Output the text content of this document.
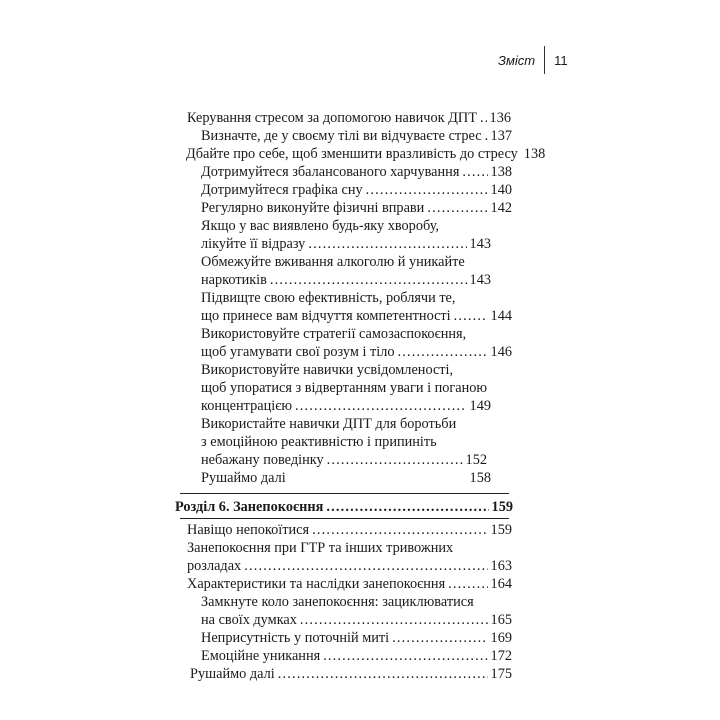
Зміст	11
Керування стресом за допомогою навичок ДПТ . . . 136
Визначте, де у своєму тілі ви відчуваєте стрес . . . 137
Дбайте про себе, щоб зменшити вразливість до стресу 138
Дотримуйтеся збалансованого харчування . . . 138
Дотримуйтеся графіка сну . . .	140
Регулярно виконуйте фізичні вправи . . .	142
Якщо у вас виявлено будь-яку хворобу,
лікуйте її відразу . . .	143
Обмежуйте вживання алкоголю й уникайте
наркотиків . . .	143
Підвищте свою ефективність, роблячи те,
що принесе вам відчуття компетентності . . .	144
Використовуйте стратегії самозаспокоєння,
щоб угамувати свої розум і тіло . . .	146
Використовуйте навички усвідомленості,
щоб упоратися з відвертанням уваги і поганою
концентрацією . . .	149
Використайте навички ДПТ для боротьби
з емоційною реактивністю і припиніть
небажану поведінку . . .	152
Рушаймо далі	158
Розділ 6. Занепокоєння . . .	159
Навіщо непокоїтися . . .	159
Занепокоєння при ГТР та інших тривожних
розладах . . .	163
Характеристики та наслідки занепокоєння . . .	164
Замкнуте коло занепокоєння: зациклюватися
на своїх думках . . .	165
Неприсутність у поточній миті . . .	169
Емоційне уникання . . .	172
Рушаймо далі . . .	175
